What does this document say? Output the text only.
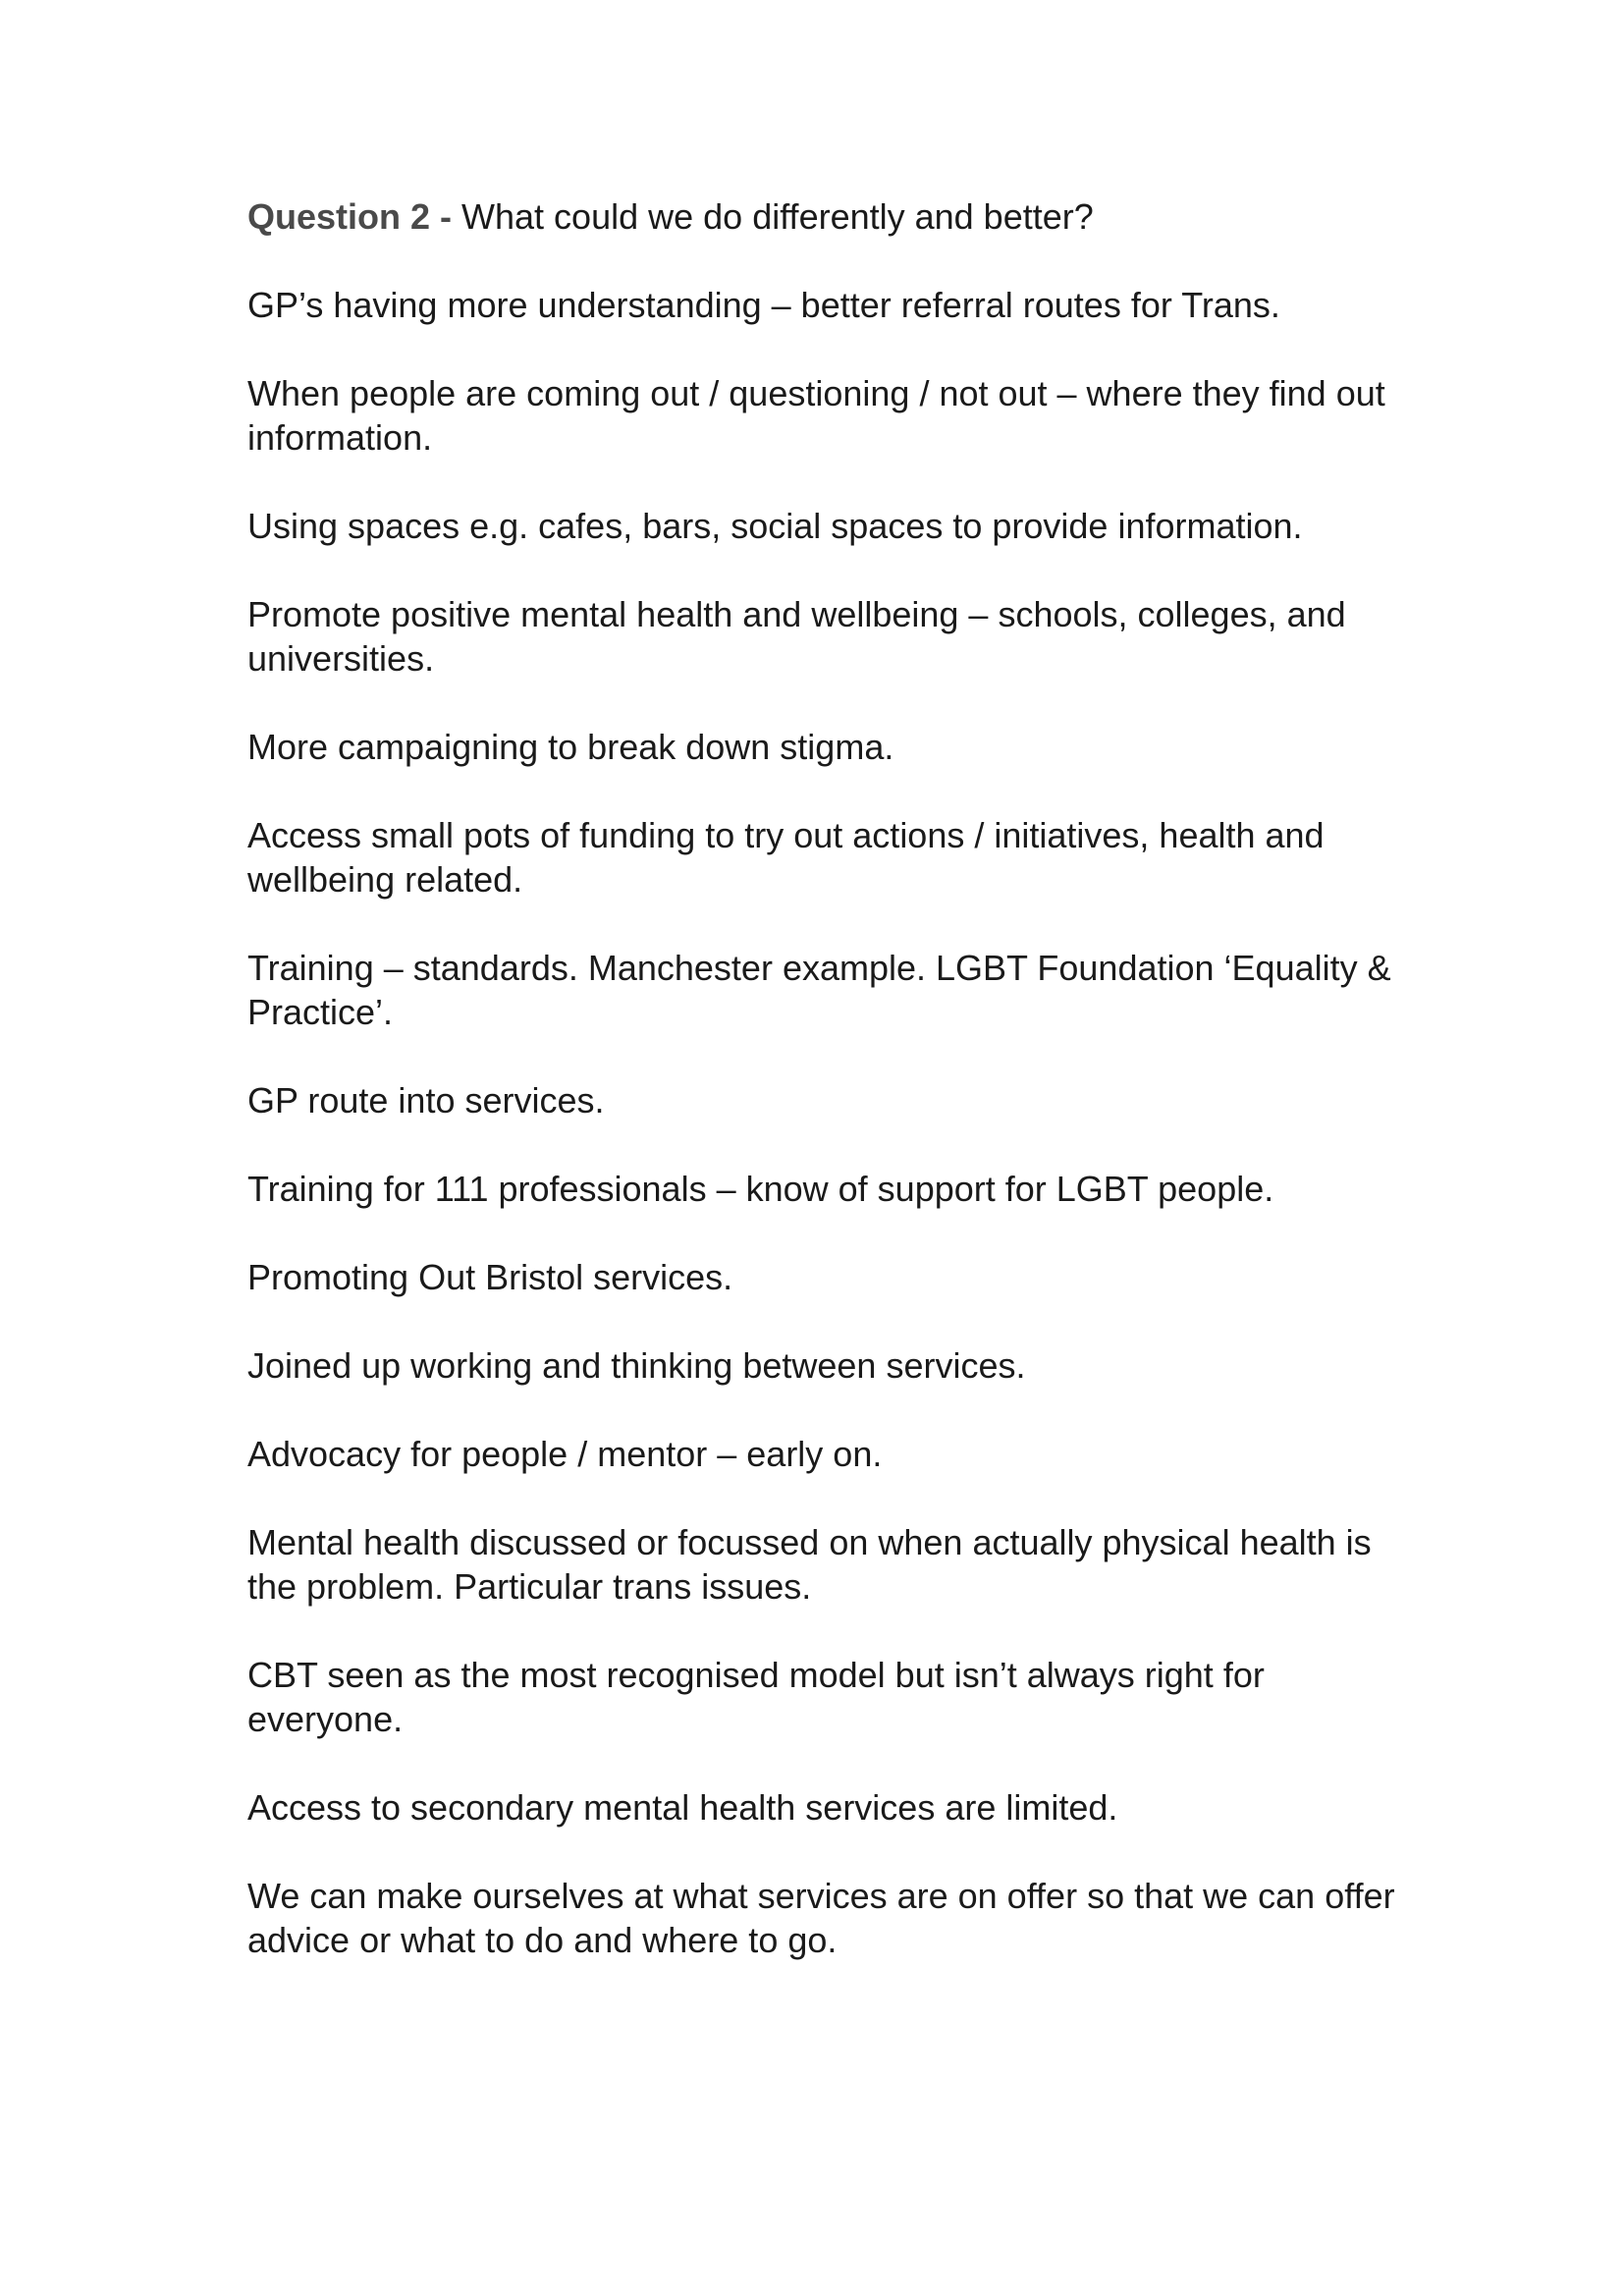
Question 2 - What could we do differently and better?

GP’s having more understanding – better referral routes for Trans.

When people are coming out / questioning / not out – where they find out information.

Using spaces e.g. cafes, bars, social spaces to provide information.

Promote positive mental health and wellbeing – schools, colleges, and universities.

More campaigning to break down stigma.

Access small pots of funding to try out actions / initiatives, health and wellbeing related.

Training – standards. Manchester example. LGBT Foundation ‘Equality & Practice’.

GP route into services.

Training for 111 professionals – know of support for LGBT people.

Promoting Out Bristol services.

Joined up working and thinking between services.

Advocacy for people / mentor – early on.

Mental health discussed or focussed on when actually physical health is the problem. Particular trans issues.

CBT seen as the most recognised model but isn’t always right for everyone.

Access to secondary mental health services are limited.

We can make ourselves at what services are on offer so that we can offer advice or what to do and where to go.
